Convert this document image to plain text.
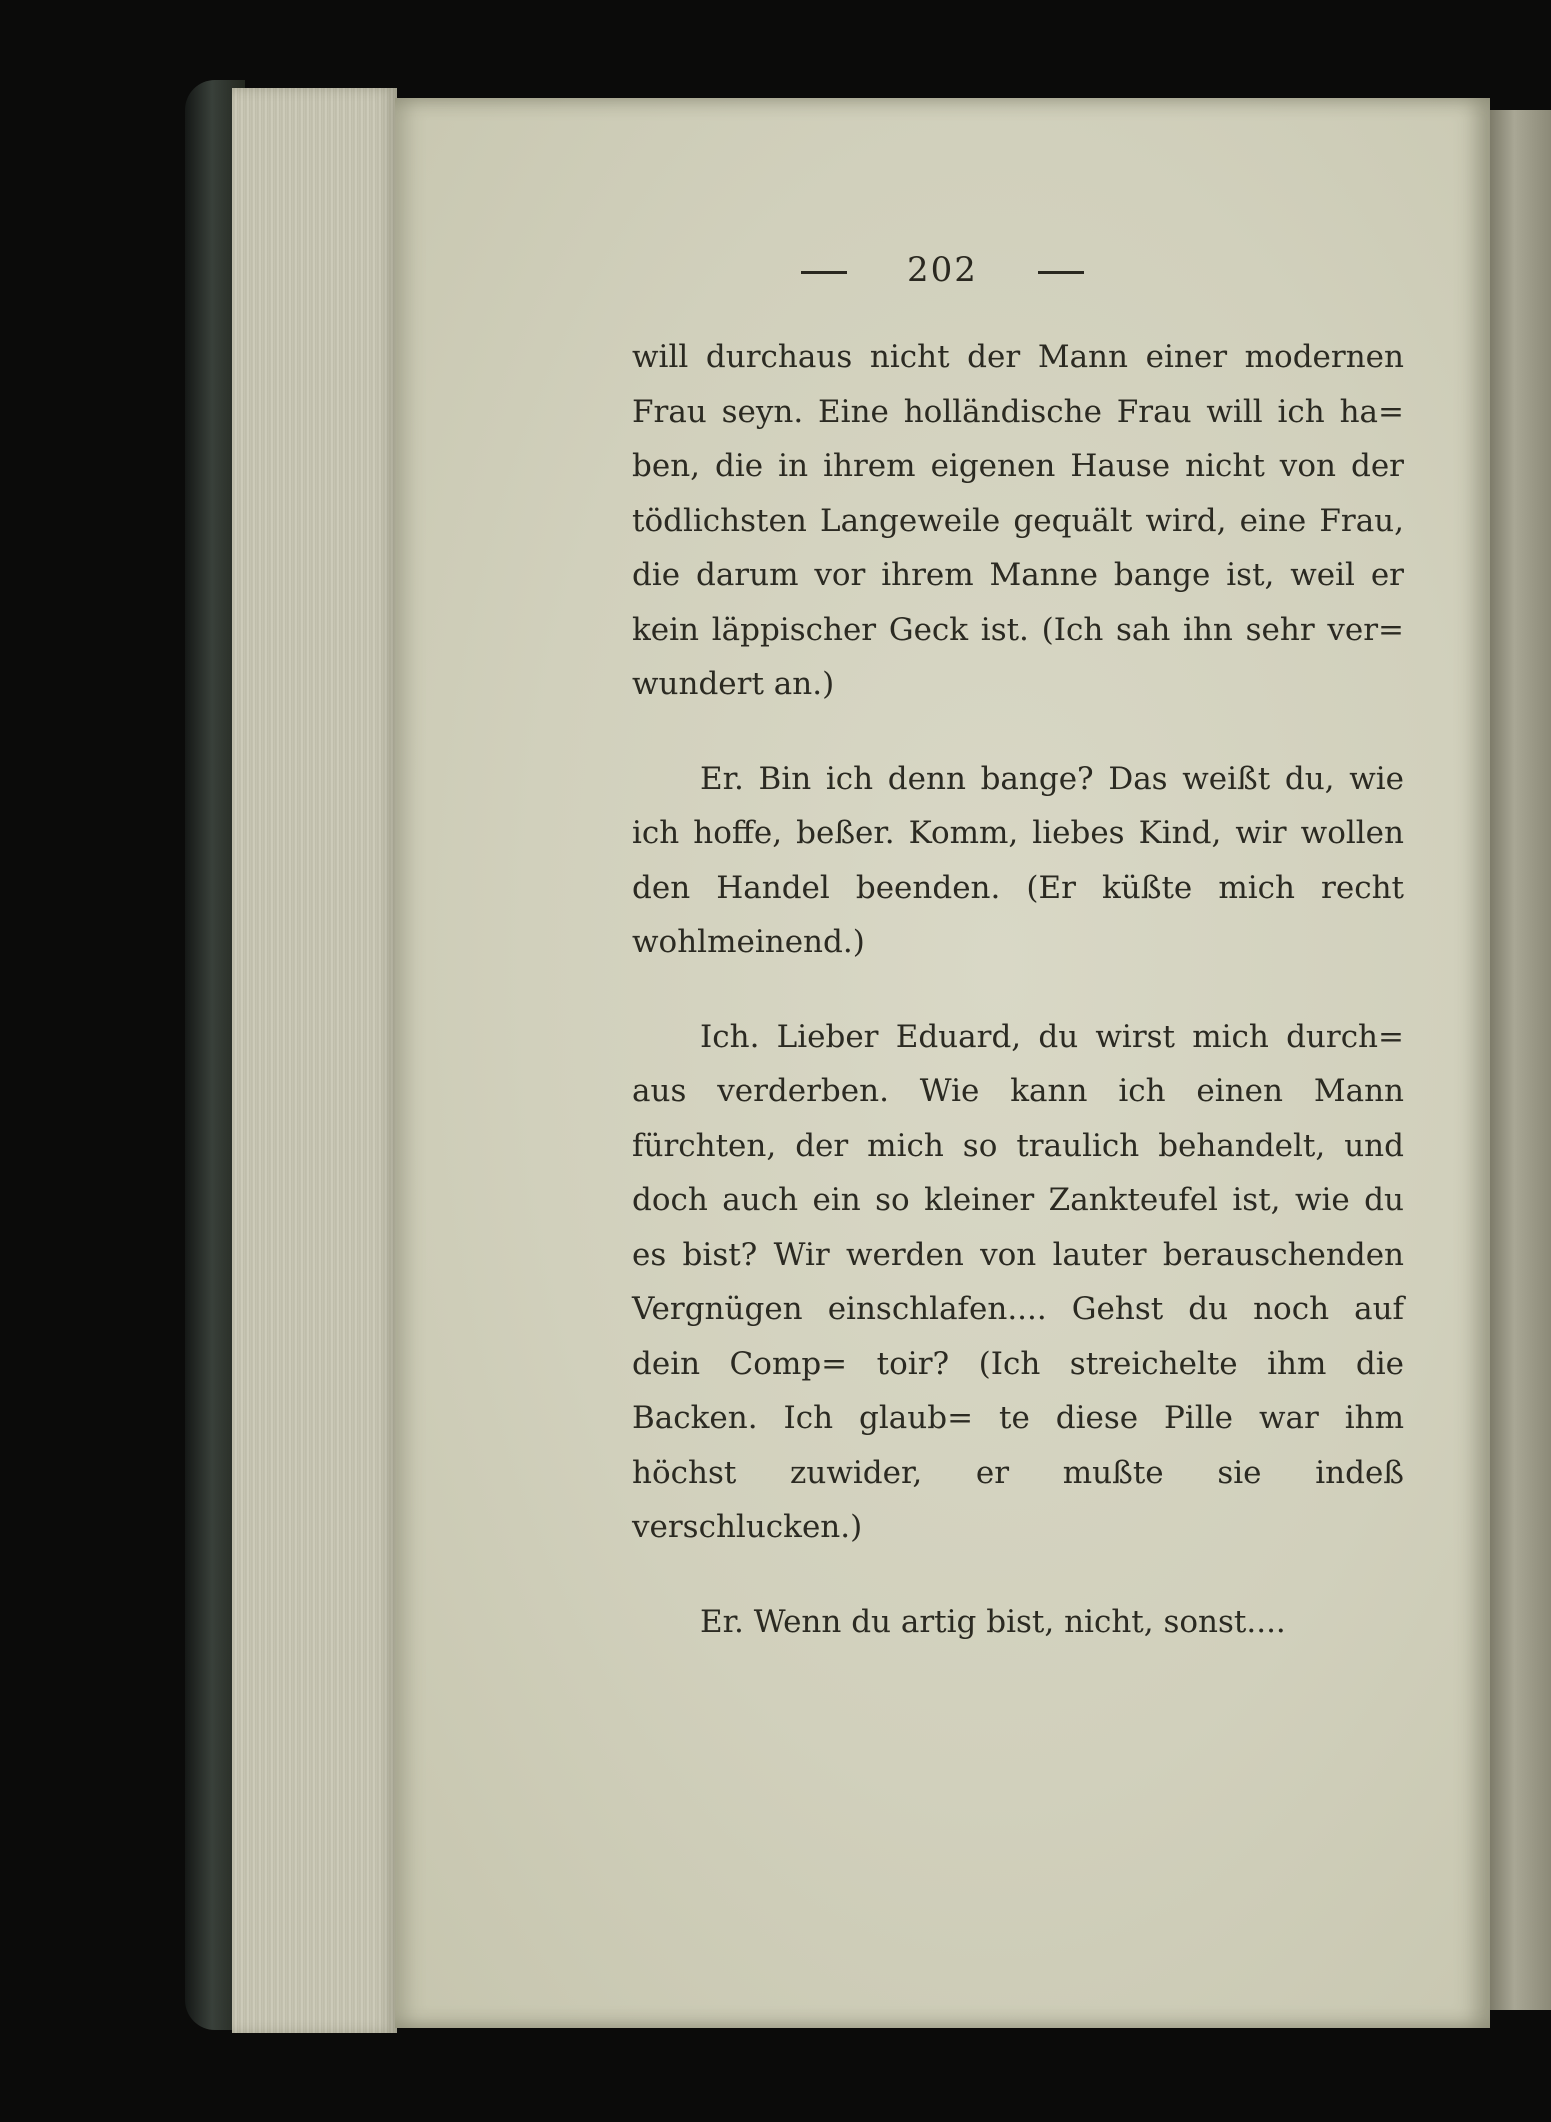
202

will durchaus nicht der Mann einer modernen Frau seyn. Eine holländische Frau will ich ha= ben, die in ihrem eigenen Hause nicht von der tödlichsten Langeweile gequält wird, eine Frau, die darum vor ihrem Manne bange ist, weil er kein läppischer Geck ist. (Ich sah ihn sehr ver= wundert an.)

Er. Bin ich denn bange? Das weißt du, wie ich hoffe, beßer. Komm, liebes Kind, wir wollen den Handel beenden. (Er küßte mich recht wohlmeinend.)

Ich. Lieber Eduard, du wirst mich durch= aus verderben. Wie kann ich einen Mann fürchten, der mich so traulich behandelt, und doch auch ein so kleiner Zankteufel ist, wie du es bist? Wir werden von lauter berauschenden Vergnügen einschlafen.... Gehst du noch auf dein Comp= toir? (Ich streichelte ihm die Backen. Ich glaub= te diese Pille war ihm höchst zuwider, er mußte sie indeß verschlucken.)

Er. Wenn du artig bist, nicht, sonst....
